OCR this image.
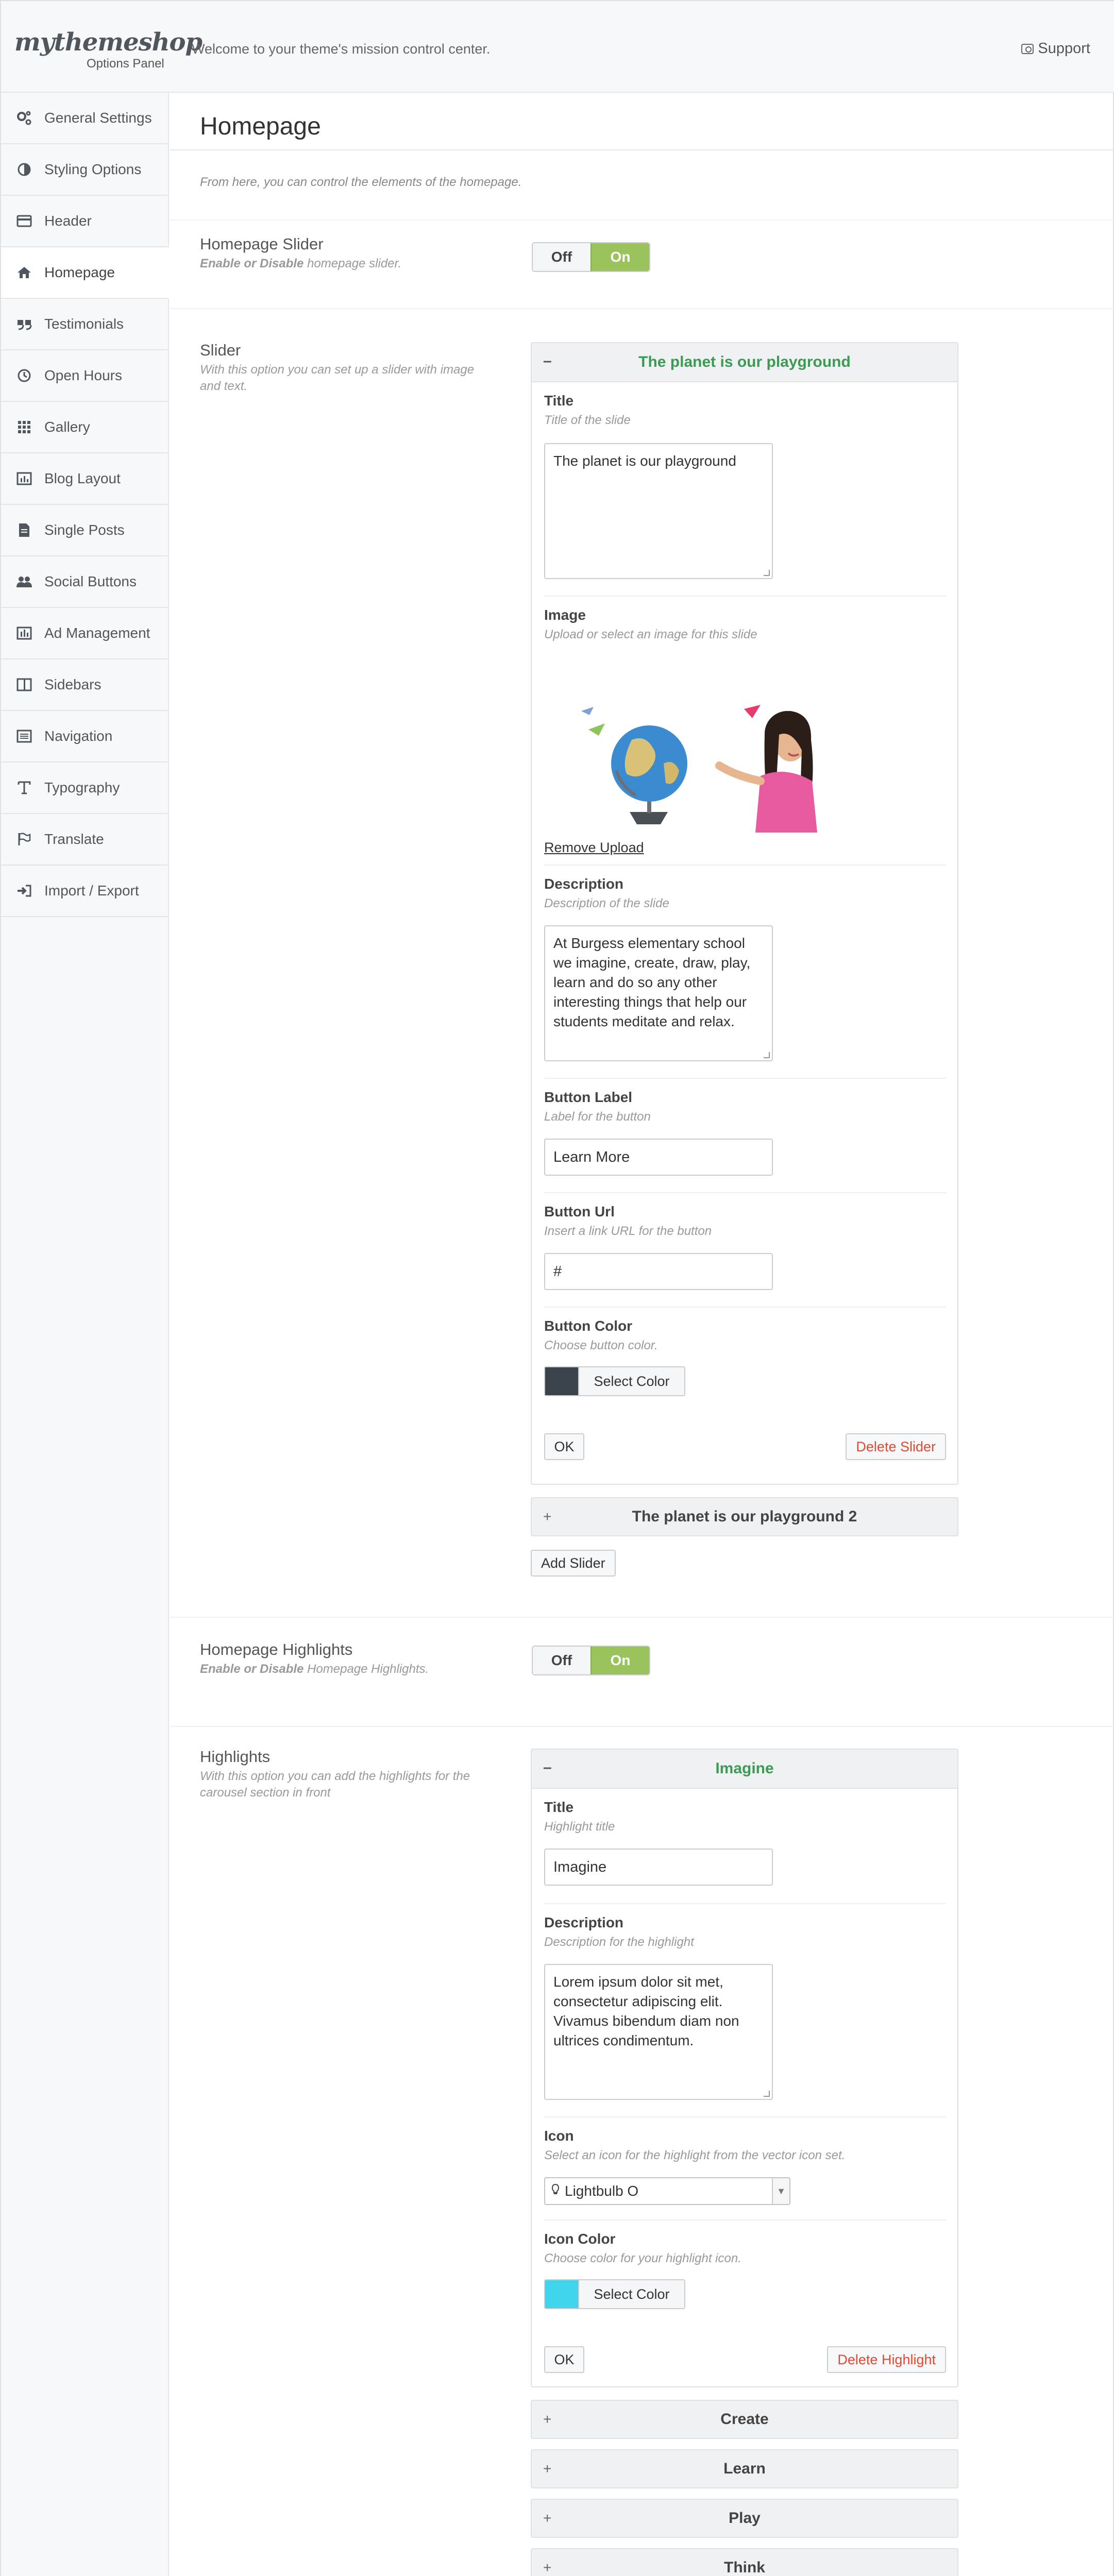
mythemeshop
Options Panel
Welcome to your theme's mission control center.	Support
General Settings
Styling Options
Header
Homepage
Testimonials
Open Hours
Gallery
Blog Layout
Single Posts
Social Buttons
Ad Management
Sidebars
Navigation
Typography
Translate
Import / Export
Homepage
From here, you can control the elements of the homepage.
Homepage Slider
Enable or Disable homepage slider.	Off	On
Slider
With this option you can set up a slider with image and text.
–	The planet is our playground
Title
Title of the slide
The planet is our playground
Image
Upload or select an image for this slide
Remove Upload
Description
Description of the slide
At Burgess elementary school we imagine, create, draw, play, learn and do so any other interesting things that help our students meditate and relax.
Button Label
Label for the button
Learn More
Button Url
Insert a link URL for the button
#
Button Color
Choose button color.
Select Color
OK	Delete Slider
+	The planet is our playground 2
Add Slider
Homepage Highlights
Enable or Disable Homepage Highlights.
Off	On
Highlights
With this option you can add the highlights for the carousel section in front
–	Imagine
Title
Highlight title
Imagine
Description
Description for the highlight
Lorem ipsum dolor sit met, consectetur adipiscing elit. Vivamus bibendum diam non ultrices condimentum.
Icon
Select an icon for the highlight from the vector icon set.
Lightbulb O	▼
Icon Color
Choose color for your highlight icon.
Select Color
OK	Delete Highlight
+	Create
+	Learn
+	Play
+	Think
